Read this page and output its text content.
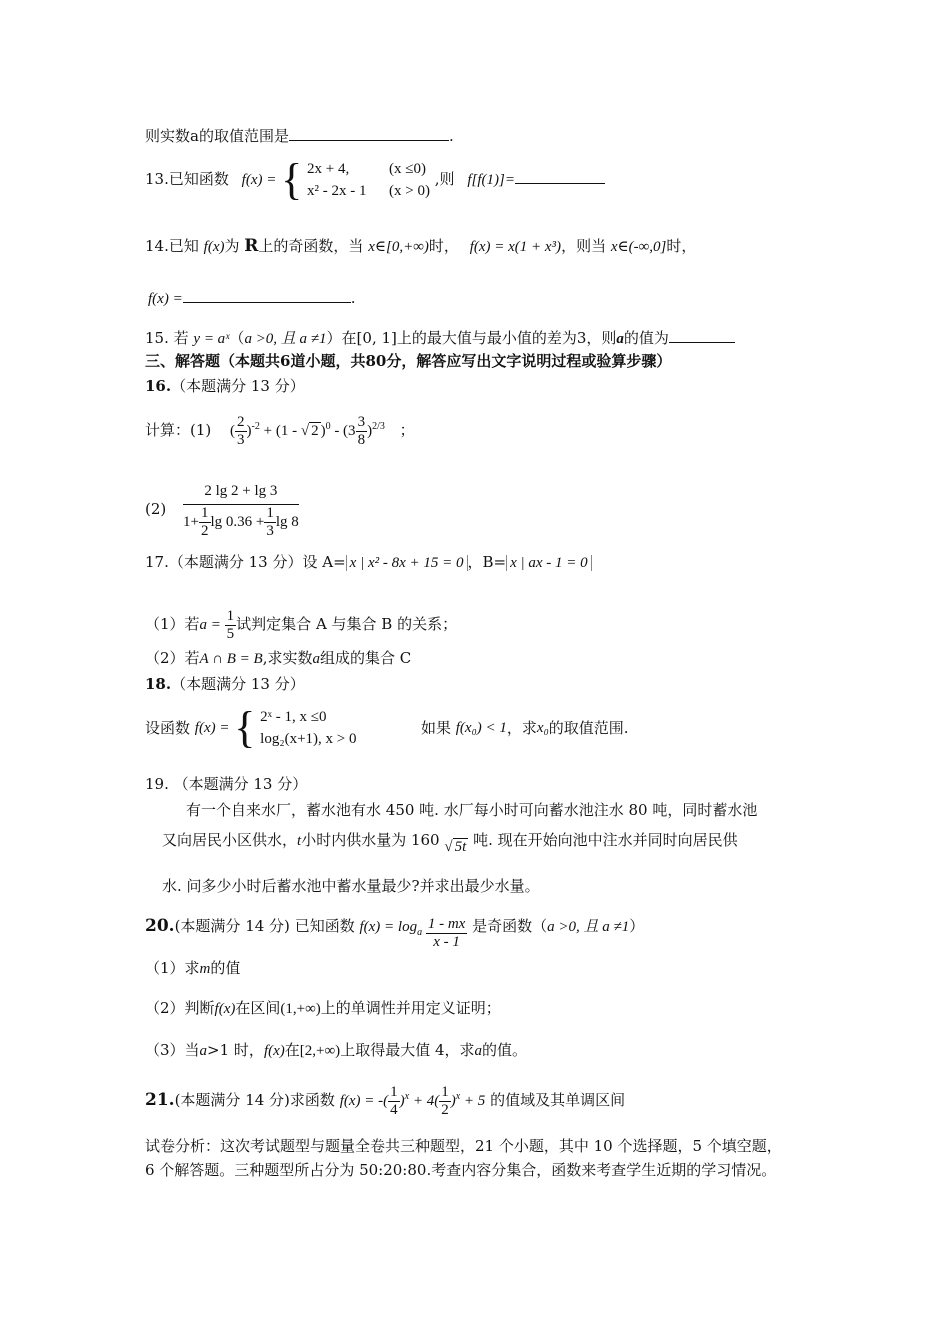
则实数a的取值范围是	.
13.已知函数 f(x) = { 2x + 4,	(x ≤0)
x² - 2x - 1 (x > 0)
,则 f[f(1)]=
14.已知 f(x)为 R上的奇函数，当 x∈[0,+∞)时， f(x) = x(1 + x³)，则当 x∈(-∞,0]时，
f(x) =	.
15. 若 y = aˣ（a >0, 且 a ≠1）在[0, 1]上的最大值与最小值的差为3，则a的值为
三、解答题（本题共6道小题，共80分，解答应写出文字说明过程或验算步骤）
16.（本题满分 13 分）
计算：(1) ( $\frac{2}{3} )^{-2} + (1$ - √ 2 )$^0 - (3 \frac{3}{8} )^{2/3}$ ；
$(2) \frac{2 \lg 2 + \lg 3}{1+ \frac{1}{2} \lg 0.36 + \frac{1}{3} \lg 8}$
17.（本题满分 13 分）设 A= x | x² - 8x + 15 = 0 ，B= x | ax - 1 = 0
（1）若$a = \frac{1}{5}$ 试判定集合 A 与集合 B 的关系；
（2）若A ∩ B = B,求实数a组成的集合 C
18.（本题满分 13 分）
设函数 f(x) = { 2ˣ - 1, x ≤0
log₂(x+1), x > 0
如果 f(x₀) < 1，求x₀的取值范围.
19. （本题满分 13 分）
有一个自来水厂，蓄水池有水 450 吨. 水厂每小时可向蓄水池注水 80 吨，同时蓄水池
又向居民小区供水，t小时内供水量为 160 √ 5t 吨. 现在开始向池中注水并同时向居民供
水. 问多少小时后蓄水池中蓄水量最少?并求出最少水量。
20.(本题满分 14 分) 已知函数 $f(x) = \log_a \frac{1 - mx}{x - 1}$ 是奇函数（a >0, 且 a ≠1）
（1）求m的值
（2）判断f(x)在区间(1,+∞)上的单调性并用定义证明；
（3）当a>1 时，f(x)在[2,+∞)上取得最大值 4，求a的值。
21.(本题满分 14 分)求函数 f(x) = -( $\frac{1}{4} )^x + 4( \frac{1}{2} )^x + 5$ 的值域及其单调区间
试卷分析：这次考试题型与题量全卷共三种题型，21 个小题，其中 10 个选择题，5 个填空题，
6 个解答题。三种题型所占分为 50:20:80.考查内容分集合，函数来考查学生近期的学习情况。
